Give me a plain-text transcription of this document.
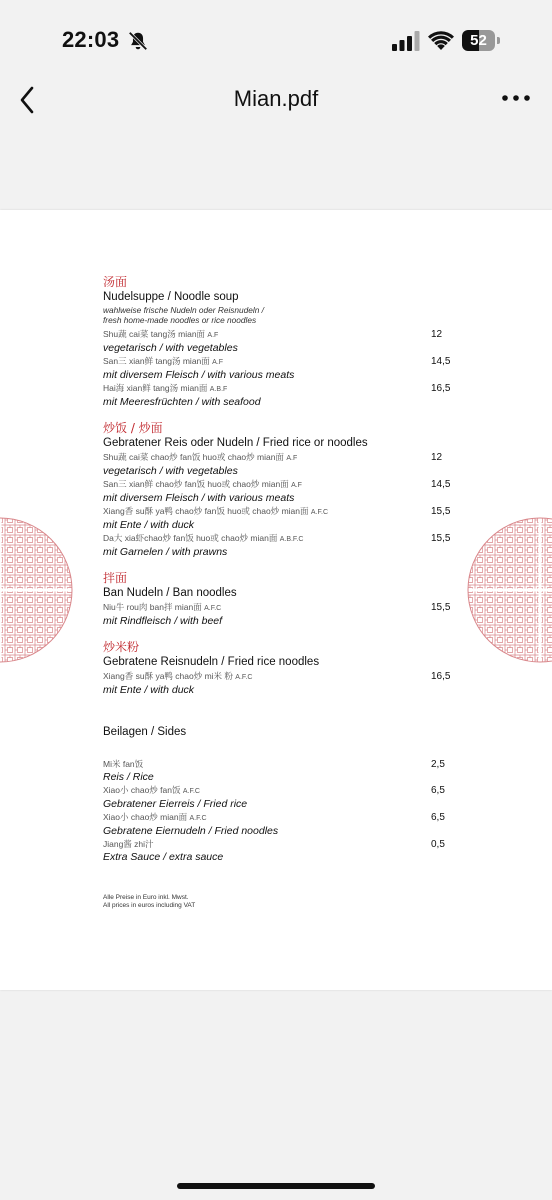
22:03	52
Mian.pdf
汤面
Nudelsuppe / Noodle soup
wahlweise frische Nudeln oder Reisnudeln /
fresh home-made noodles or rice noodles
Shu蔬 cai菜 tang汤 mian面 A.F
vegetarisch / with vegetables
12
San三 xian鲜 tang汤 mian面 A.F
mit diversem Fleisch / with various meats
14,5
Hai海 xian鲜 tang汤 mian面 A.B.F
mit Meeresfrüchten / with seafood
16,5
炒饭 / 炒面
Gebratener Reis oder Nudeln / Fried rice or noodles
Shu蔬 cai菜 chao炒 fan饭 huo或 chao炒 mian面 A.F
vegetarisch / with vegetables
12
San三 xian鲜 chao炒 fan饭 huo或 chao炒 mian面 A.F
mit diversem Fleisch / with various meats
14,5
Xiang香 su酥 ya鸭 chao炒 fan饭 huo或 chao炒 mian面 A.F.C
mit Ente / with duck
15,5
Da大 xia虾chao炒 fan饭 huo或 chao炒 mian面 A.B.F.C
mit Garnelen / with prawns
15,5
拌面
Ban Nudeln / Ban noodles
Niu牛 rou肉 ban拌 mian面 A.F.C
mit Rindfleisch / with beef
15,5
炒米粉
Gebratene Reisnudeln / Fried rice noodles
Xiang香 su酥 ya鸭 chao炒 mi米 粉 A.F.C
mit Ente / with duck
16,5
Beilagen / Sides
Mi米 fan饭
Reis / Rice
2,5
Xiao小 chao炒 fan饭 A.F.C
Gebratener Eierreis / Fried rice
6,5
Xiao小 chao炒 mian面 A.F.C
Gebratene Eiernudeln / Fried noodles
6,5
Jiang酱 zhi汁
Extra Sauce / extra sauce
0,5
Alle Preise in Euro inkl. Mwst.
All prices in euros including VAT
